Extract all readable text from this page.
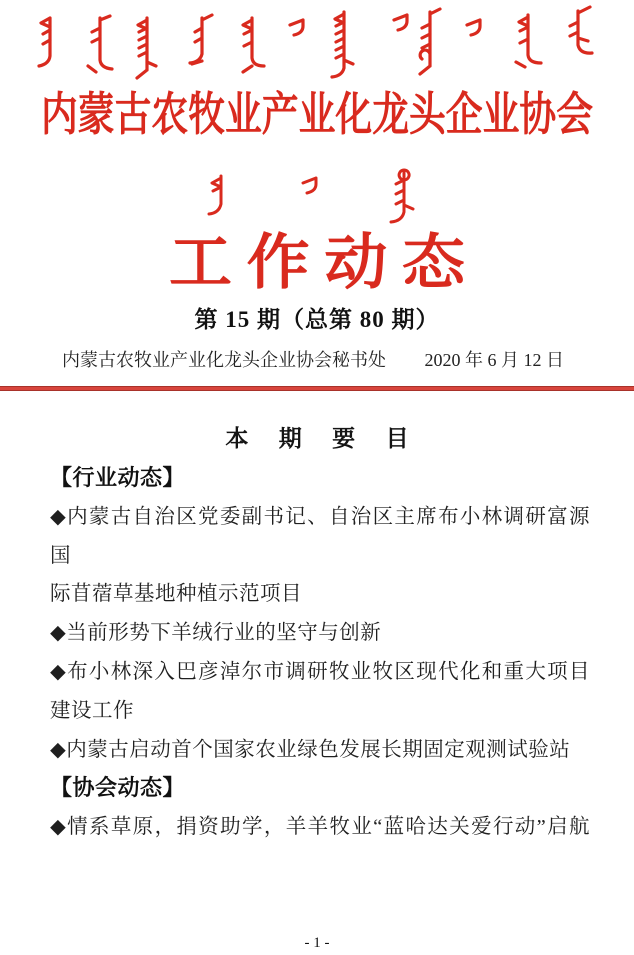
内蒙古农牧业产业化龙头企业协会
工作动态
第 15 期（总第 80 期）
内蒙古农牧业产业化龙头企业协会秘书处 2020 年 6 月 12 日
本 期 要 目
【行业动态】
◆内蒙古自治区党委副书记、自治区主席布小林调研富源国
际苜蓿草基地种植示范项目
◆当前形势下羊绒行业的坚守与创新
◆布小林深入巴彦淖尔市调研牧业牧区现代化和重大项目
建设工作
◆内蒙古启动首个国家农业绿色发展长期固定观测试验站
【协会动态】
◆情系草原，捐资助学，羊羊牧业“蓝哈达关爱行动”启航
- 1 -
